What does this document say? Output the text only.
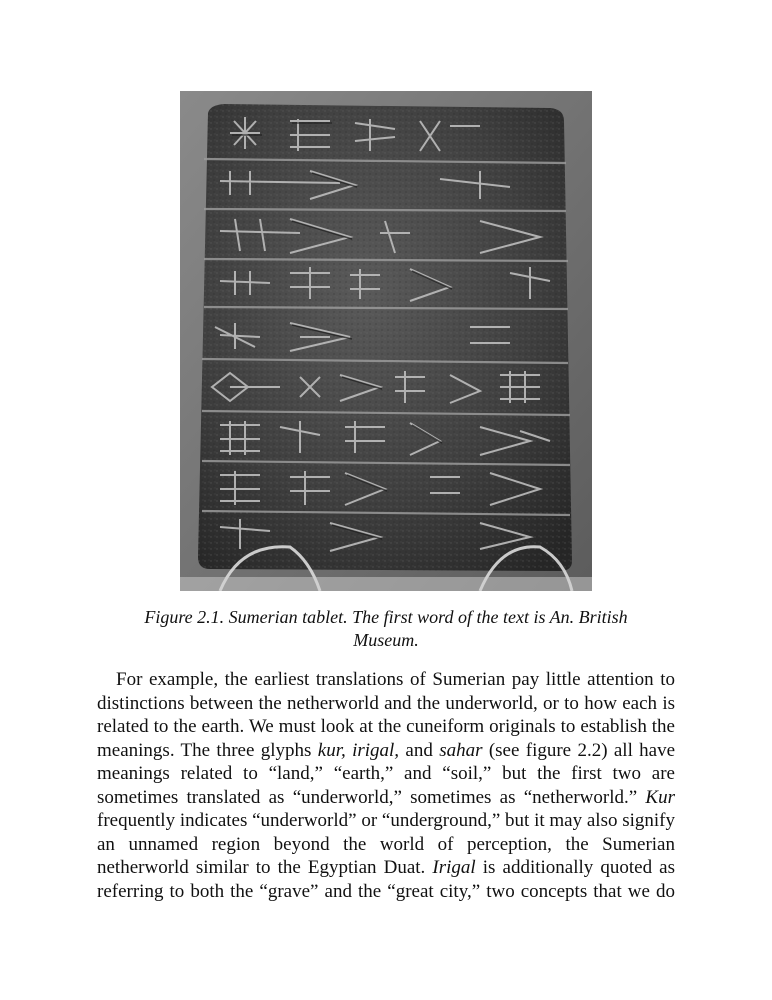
Figure 2.1. Sumerian tablet. The first word of the text is An. British
Museum.
For example, the earliest translations of Sumerian pay little attention to
distinctions between the netherworld and the underworld, or to how each is
related to the earth. We must look at the cuneiform originals to establish the
meanings. The three glyphs kur, irigal, and sahar (see figure 2.2) all have
meanings related to “land,” “earth,” and “soil,” but the first two are
sometimes translated as “underworld,” sometimes as “netherworld.” Kur
frequently indicates “underworld” or “underground,” but it may also signify
an unnamed region beyond the world of perception, the Sumerian
netherworld similar to the Egyptian Duat. Irigal is additionally quoted as
referring to both the “grave” and the “great city,” two concepts that we do
